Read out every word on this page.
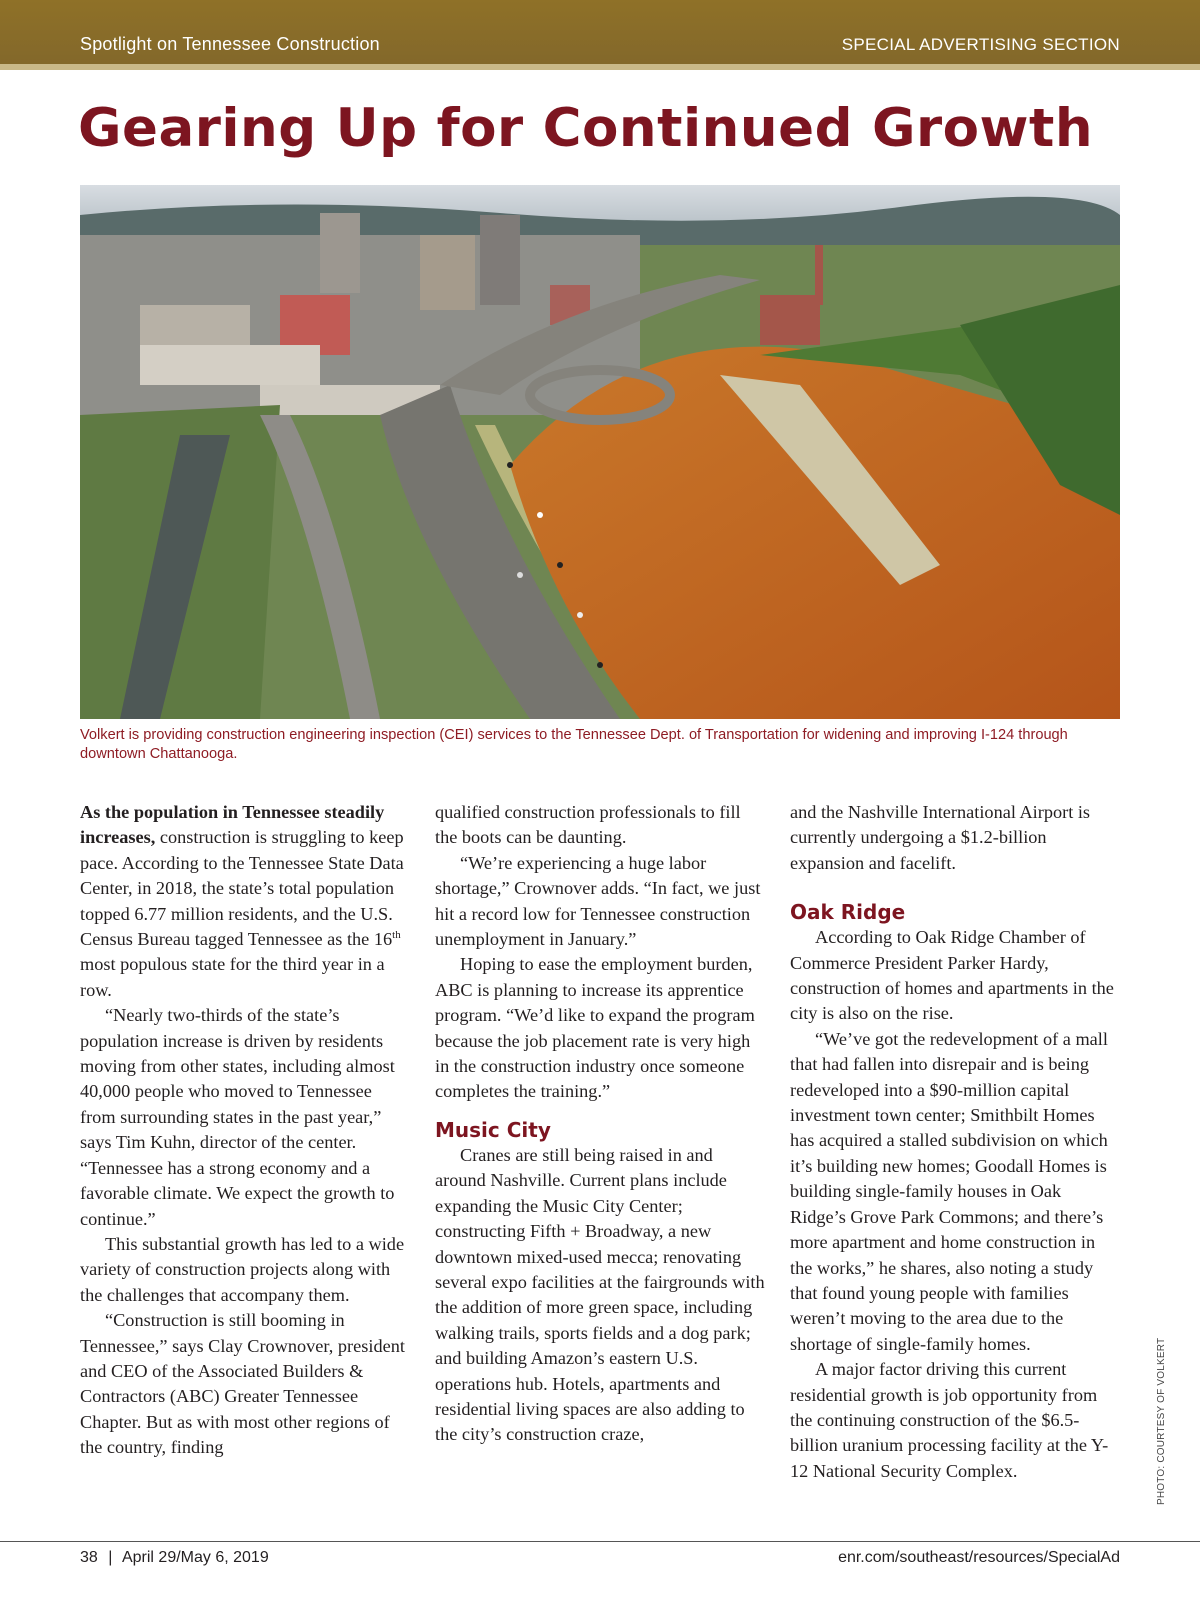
Spotlight on Tennessee Construction	SPECIAL ADVERTISING SECTION
Gearing Up for Continued Growth
Volkert is providing construction engineering inspection (CEI) services to the Tennessee Dept. of Transportation for widening and improving I-124 through downtown Chattanooga.

As the population in Tennessee steadily increases, construction is struggling to keep pace. According to the Tennessee State Data Center, in 2018, the state’s total population topped 6.77 million residents, and the U.S. Census Bureau tagged Tennessee as the 16th most populous state for the third year in a row.

“Nearly two-thirds of the state’s population increase is driven by residents moving from other states, including almost 40,000 people who moved to Tennessee from surrounding states in the past year,” says Tim Kuhn, director of the center. “Tennessee has a strong economy and a favorable climate. We expect the growth to continue.”

This substantial growth has led to a wide variety of construction projects along with the challenges that accompany them.

“Construction is still booming in Tennessee,” says Clay Crownover, president and CEO of the Associated Builders & Contractors (ABC) Greater Tennessee Chapter. But as with most other regions of the country, finding

qualified construction professionals to fill the boots can be daunting.

“We’re experiencing a huge labor shortage,” Crownover adds. “In fact, we just hit a record low for Tennessee construction unemployment in January.”

Hoping to ease the employment burden, ABC is planning to increase its apprentice program. “We’d like to expand the program because the job placement rate is very high in the construction industry once someone completes the training.”

Music City

Cranes are still being raised in and around Nashville. Current plans include expanding the Music City Center; constructing Fifth + Broadway, a new downtown mixed-used mecca; renovating several expo facilities at the fairgrounds with the addition of more green space, including walking trails, sports fields and a dog park; and building Amazon’s eastern U.S. operations hub. Hotels, apartments and residential living spaces are also adding to the city’s construction craze,

and the Nashville International Airport is currently undergoing a $1.2-billion expansion and facelift.

Oak Ridge

According to Oak Ridge Chamber of Commerce President Parker Hardy, construction of homes and apartments in the city is also on the rise.

“We’ve got the redevelopment of a mall that had fallen into disrepair and is being redeveloped into a $90-million capital investment town center; Smithbilt Homes has acquired a stalled subdivision on which it’s building new homes; Goodall Homes is building single-family houses in Oak Ridge’s Grove Park Commons; and there’s more apartment and home construction in the works,” he shares, also noting a study that found young people with families weren’t moving to the area due to the shortage of single-family homes.

A major factor driving this current residential growth is job opportunity from the continuing construction of the $6.5-billion uranium processing facility at the Y-12 National Security Complex.	PHOTO: COURTESY OF VOLKERT
38 | April 29/May 6, 2019	enr.com/southeast/resources/SpecialAd
